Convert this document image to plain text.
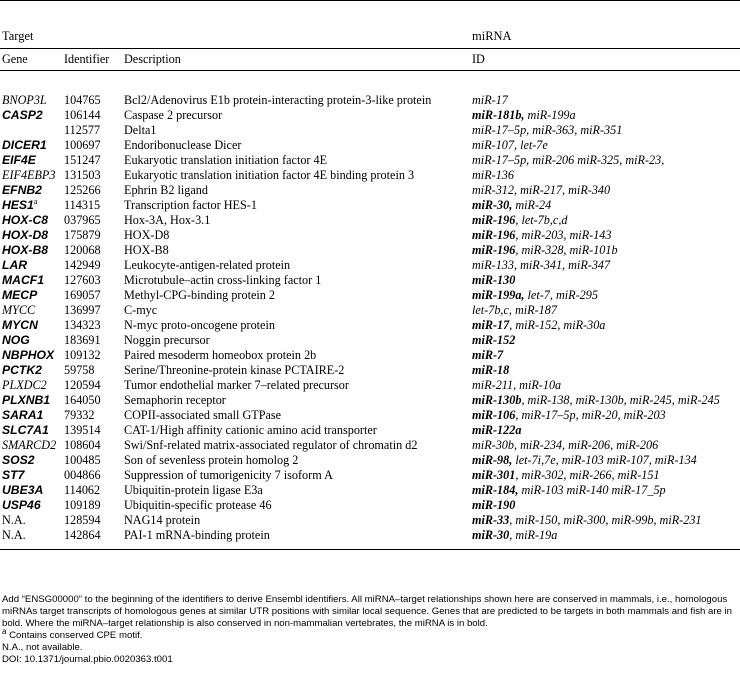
Target			miRNA
Gene	Identifier	Description	ID

BNOP3L	104765	Bcl2/Adenovirus E1b protein-interacting protein-3-like protein	miR-17
CASP2	106144	Caspase 2 precursor	miR-181b, miR-199a
	112577	Delta1	miR-17–5p, miR-363, miR-351
DICER1	100697	Endoribonuclease Dicer	miR-107, let-7e
EIF4E	151247	Eukaryotic translation initiation factor 4E	miR-17–5p, miR-206 miR-325, miR-23,
EIF4EBP3	131503	Eukaryotic translation initiation factor 4E binding protein 3	miR-136
EFNB2	125266	Ephrin B2 ligand	miR-312, miR-217, miR-340
HES1$^a$	114315	Transcription factor HES-1	miR-30, miR-24
HOX-C8	037965	Hox-3A, Hox-3.1	miR-196, let-7b,c,d
HOX-D8	175879	HOX-D8	miR-196, miR-203, miR-143
HOX-B8	120068	HOX-B8	miR-196, miR-328, miR-101b
LAR	142949	Leukocyte-antigen-related protein	miR-133, miR-341, miR-347
MACF1	127603	Microtubule–actin cross-linking factor 1	miR-130
MECP	169057	Methyl-CPG-binding protein 2	miR-199a, let-7, miR-295
MYCC	136997	C-myc	let-7b,c, miR-187
MYCN	134323	N-myc proto-oncogene protein	miR-17, miR-152, miR-30a
NOG	183691	Noggin precursor	miR-152
NBPHOX	109132	Paired mesoderm homeobox protein 2b	miR-7
PCTK2	59758	Serine/Threonine-protein kinase PCTAIRE-2	miR-18
PLXDC2	120594	Tumor endothelial marker 7–related precursor	miR-211, miR-10a
PLXNB1	164050	Semaphorin receptor	miR-130b, miR-138, miR-130b, miR-245, miR-245
SARA1	79332	COPII-associated small GTPase	miR-106, miR-17–5p, miR-20, miR-203
SLC7A1	139514	CAT-1/High affinity cationic amino acid transporter	miR-122a
SMARCD2	108604	Swi/Snf-related matrix-associated regulator of chromatin d2	miR-30b, miR-234, miR-206, miR-206
SOS2	100485	Son of sevenless protein homolog 2	miR-98, let-7i,7e, miR-103 miR-107, miR-134
ST7	004866	Suppression of tumorigenicity 7 isoform A	miR-301, miR-302, miR-266, miR-151
UBE3A	114062	Ubiquitin-protein ligase E3a	miR-184, miR-103 miR-140 miR-17_5p
USP46	109189	Ubiquitin-specific protease 46	miR-190
N.A.	128594	NAG14 protein	miR-33, miR-150, miR-300, miR-99b, miR-231
N.A.	142864	PAI-1 mRNA-binding protein	miR-30, miR-19a
Add “ENSG00000” to the beginning of the identifiers to derive Ensembl identifiers. All miRNA–target relationships shown here are conserved in mammals, i.e., homologous miRNAs target transcripts of homologous genes at similar UTR positions with similar local sequence. Genes that are predicted to be targets in both mammals and fish are in bold. Where the miRNA–target relationship is also conserved in non-mammalian vertebrates, the miRNA is in bold.
$^a$ Contains conserved CPE motif.
N.A., not available.
DOI: 10.1371/journal.pbio.0020363.t001
